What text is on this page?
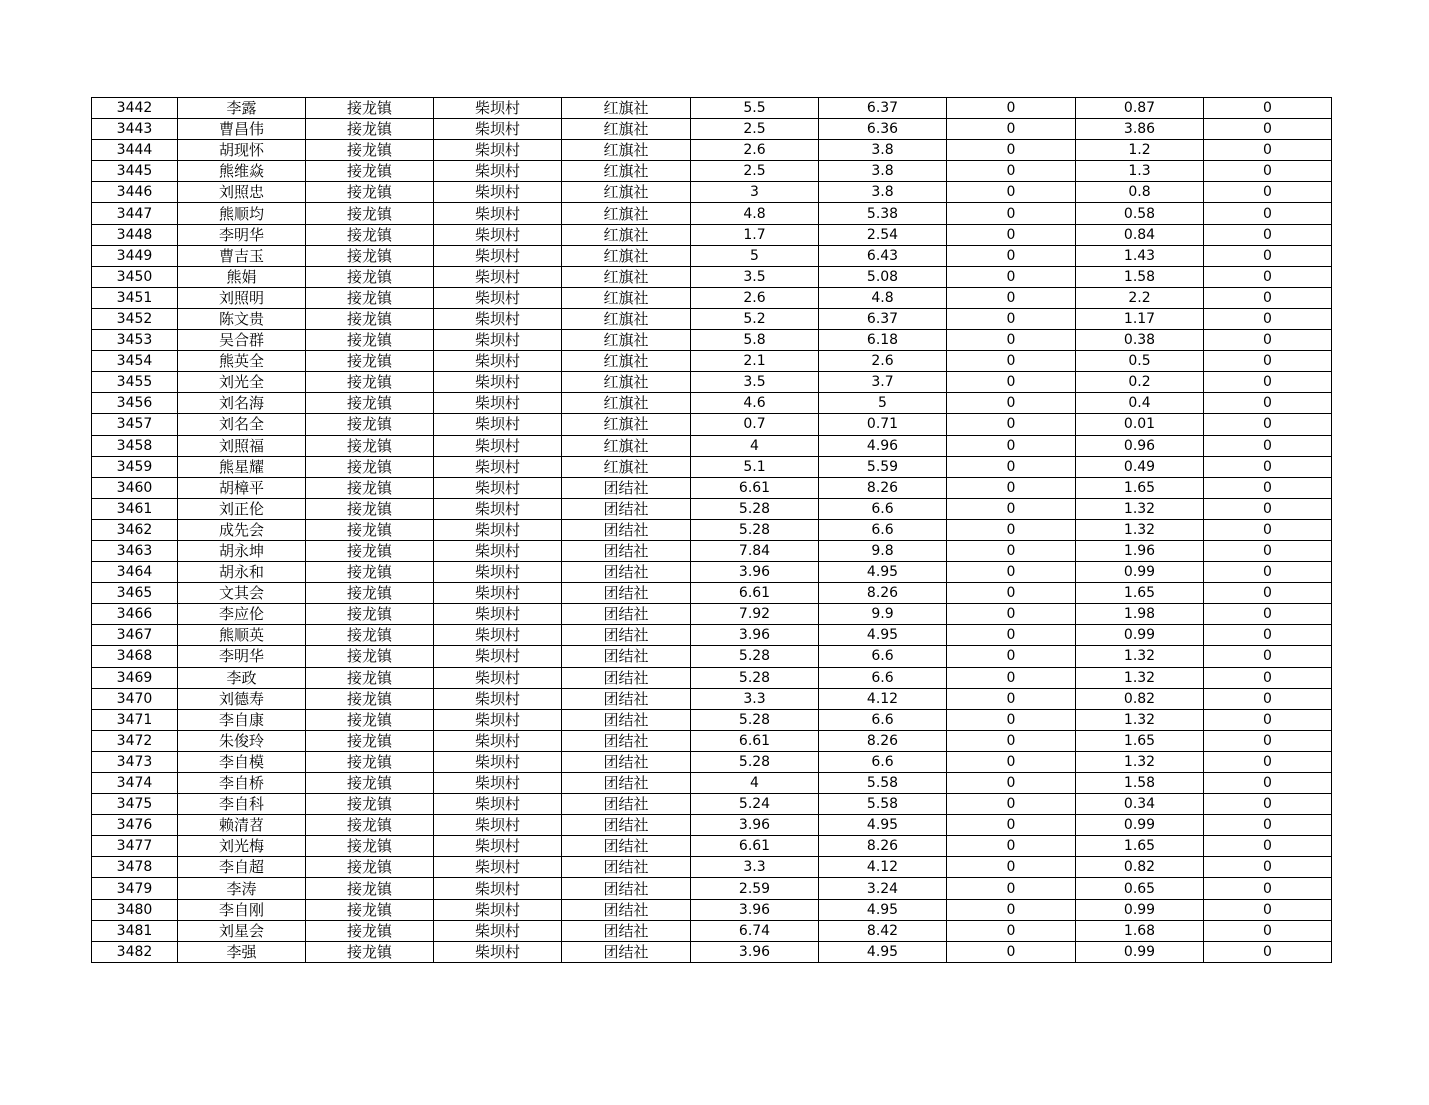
3442	李露	接龙镇	柴坝村	红旗社	5.5	6.37	0	0.87	0
3443	曹昌伟	接龙镇	柴坝村	红旗社	2.5	6.36	0	3.86	0
3444	胡现怀	接龙镇	柴坝村	红旗社	2.6	3.8	0	1.2	0
3445	熊维焱	接龙镇	柴坝村	红旗社	2.5	3.8	0	1.3	0
3446	刘照忠	接龙镇	柴坝村	红旗社	3	3.8	0	0.8	0
3447	熊顺均	接龙镇	柴坝村	红旗社	4.8	5.38	0	0.58	0
3448	李明华	接龙镇	柴坝村	红旗社	1.7	2.54	0	0.84	0
3449	曹吉玉	接龙镇	柴坝村	红旗社	5	6.43	0	1.43	0
3450	熊娟	接龙镇	柴坝村	红旗社	3.5	5.08	0	1.58	0
3451	刘照明	接龙镇	柴坝村	红旗社	2.6	4.8	0	2.2	0
3452	陈文贵	接龙镇	柴坝村	红旗社	5.2	6.37	0	1.17	0
3453	吴合群	接龙镇	柴坝村	红旗社	5.8	6.18	0	0.38	0
3454	熊英全	接龙镇	柴坝村	红旗社	2.1	2.6	0	0.5	0
3455	刘光全	接龙镇	柴坝村	红旗社	3.5	3.7	0	0.2	0
3456	刘名海	接龙镇	柴坝村	红旗社	4.6	5	0	0.4	0
3457	刘名全	接龙镇	柴坝村	红旗社	0.7	0.71	0	0.01	0
3458	刘照福	接龙镇	柴坝村	红旗社	4	4.96	0	0.96	0
3459	熊星耀	接龙镇	柴坝村	红旗社	5.1	5.59	0	0.49	0
3460	胡樟平	接龙镇	柴坝村	团结社	6.61	8.26	0	1.65	0
3461	刘正伦	接龙镇	柴坝村	团结社	5.28	6.6	0	1.32	0
3462	成先会	接龙镇	柴坝村	团结社	5.28	6.6	0	1.32	0
3463	胡永坤	接龙镇	柴坝村	团结社	7.84	9.8	0	1.96	0
3464	胡永和	接龙镇	柴坝村	团结社	3.96	4.95	0	0.99	0
3465	文其会	接龙镇	柴坝村	团结社	6.61	8.26	0	1.65	0
3466	李应伦	接龙镇	柴坝村	团结社	7.92	9.9	0	1.98	0
3467	熊顺英	接龙镇	柴坝村	团结社	3.96	4.95	0	0.99	0
3468	李明华	接龙镇	柴坝村	团结社	5.28	6.6	0	1.32	0
3469	李政	接龙镇	柴坝村	团结社	5.28	6.6	0	1.32	0
3470	刘德寿	接龙镇	柴坝村	团结社	3.3	4.12	0	0.82	0
3471	李自康	接龙镇	柴坝村	团结社	5.28	6.6	0	1.32	0
3472	朱俊玲	接龙镇	柴坝村	团结社	6.61	8.26	0	1.65	0
3473	李自模	接龙镇	柴坝村	团结社	5.28	6.6	0	1.32	0
3474	李自桥	接龙镇	柴坝村	团结社	4	5.58	0	1.58	0
3475	李自科	接龙镇	柴坝村	团结社	5.24	5.58	0	0.34	0
3476	赖清苕	接龙镇	柴坝村	团结社	3.96	4.95	0	0.99	0
3477	刘光梅	接龙镇	柴坝村	团结社	6.61	8.26	0	1.65	0
3478	李自超	接龙镇	柴坝村	团结社	3.3	4.12	0	0.82	0
3479	李涛	接龙镇	柴坝村	团结社	2.59	3.24	0	0.65	0
3480	李自刚	接龙镇	柴坝村	团结社	3.96	4.95	0	0.99	0
3481	刘星会	接龙镇	柴坝村	团结社	6.74	8.42	0	1.68	0
3482	李强	接龙镇	柴坝村	团结社	3.96	4.95	0	0.99	0
